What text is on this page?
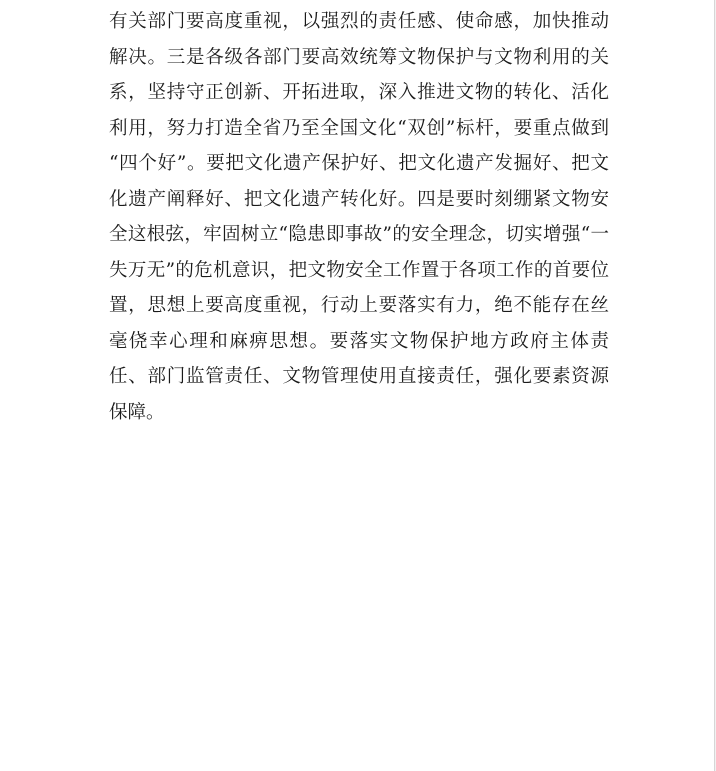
有关部门要高度重视，以强烈的责任感、使命感，加快推动
解决。三是各级各部门要高效统筹文物保护与文物利用的关
系，坚持守正创新、开拓进取，深入推进文物的转化、活化
利用，努力打造全省乃至全国文化“双创”标杆，要重点做到
“四个好”。要把文化遗产保护好、把文化遗产发掘好、把文
化遗产阐释好、把文化遗产转化好。四是要时刻绷紧文物安
全这根弦，牢固树立“隐患即事故”的安全理念，切实增强“一
失万无”的危机意识，把文物安全工作置于各项工作的首要位
置，思想上要高度重视，行动上要落实有力，绝不能存在丝
毫侥幸心理和麻痹思想。要落实文物保护地方政府主体责
任、部门监管责任、文物管理使用直接责任，强化要素资源
保障。
